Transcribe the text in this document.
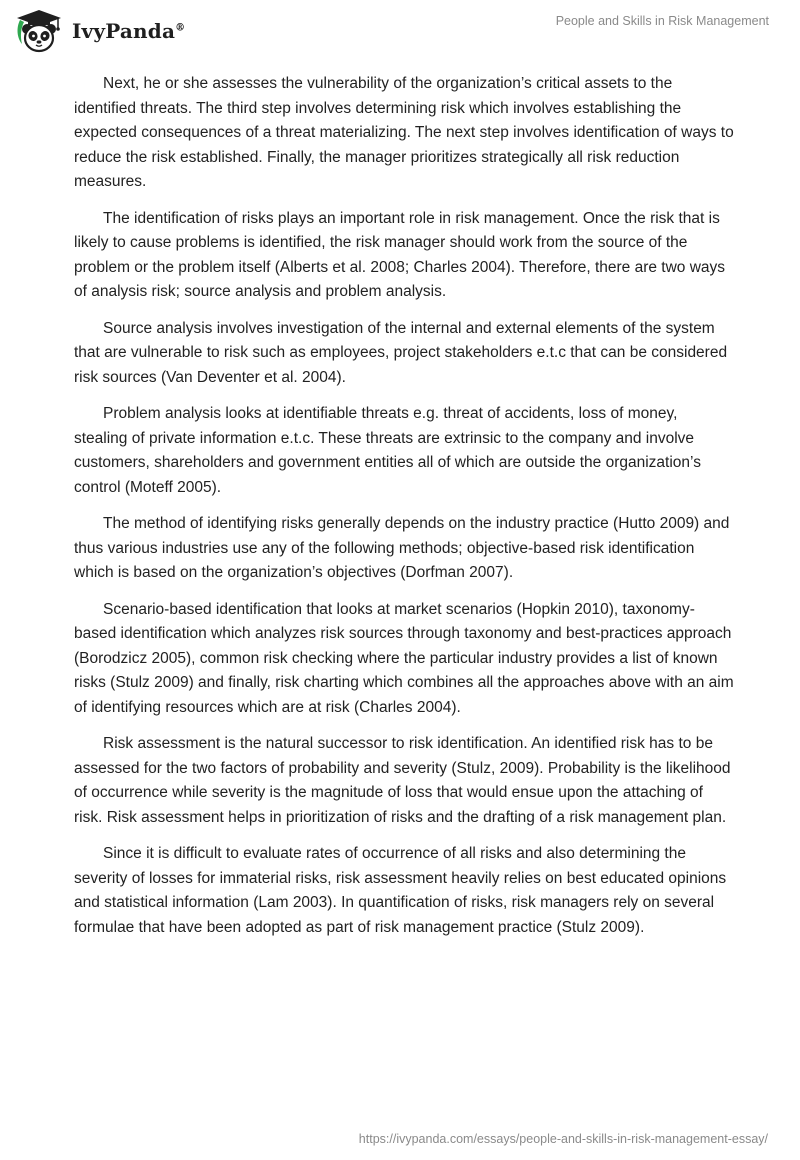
IvyPanda®	People and Skills in Risk Management

Next, he or she assesses the vulnerability of the organization’s critical assets to the identified threats. The third step involves determining risk which involves establishing the expected consequences of a threat materializing. The next step involves identification of ways to reduce the risk established. Finally, the manager prioritizes strategically all risk reduction measures.

The identification of risks plays an important role in risk management. Once the risk that is likely to cause problems is identified, the risk manager should work from the source of the problem or the problem itself (Alberts et al. 2008; Charles 2004). Therefore, there are two ways of analysis risk; source analysis and problem analysis.

Source analysis involves investigation of the internal and external elements of the system that are vulnerable to risk such as employees, project stakeholders e.t.c that can be considered risk sources (Van Deventer et al. 2004).

Problem analysis looks at identifiable threats e.g. threat of accidents, loss of money, stealing of private information e.t.c. These threats are extrinsic to the company and involve customers, shareholders and government entities all of which are outside the organization’s control (Moteff 2005).

The method of identifying risks generally depends on the industry practice (Hutto 2009) and thus various industries use any of the following methods; objective-based risk identification which is based on the organization’s objectives (Dorfman 2007).

Scenario-based identification that looks at market scenarios (Hopkin 2010), taxonomy-based identification which analyzes risk sources through taxonomy and best-practices approach (Borodzicz 2005), common risk checking where the particular industry provides a list of known risks (Stulz 2009) and finally, risk charting which combines all the approaches above with an aim of identifying resources which are at risk (Charles 2004).

Risk assessment is the natural successor to risk identification. An identified risk has to be assessed for the two factors of probability and severity (Stulz, 2009). Probability is the likelihood of occurrence while severity is the magnitude of loss that would ensue upon the attaching of risk. Risk assessment helps in prioritization of risks and the drafting of a risk management plan.

Since it is difficult to evaluate rates of occurrence of all risks and also determining the severity of losses for immaterial risks, risk assessment heavily relies on best educated opinions and statistical information (Lam 2003). In quantification of risks, risk managers rely on several formulae that have been adopted as part of risk management practice (Stulz 2009).

https://ivypanda.com/essays/people-and-skills-in-risk-management-essay/
